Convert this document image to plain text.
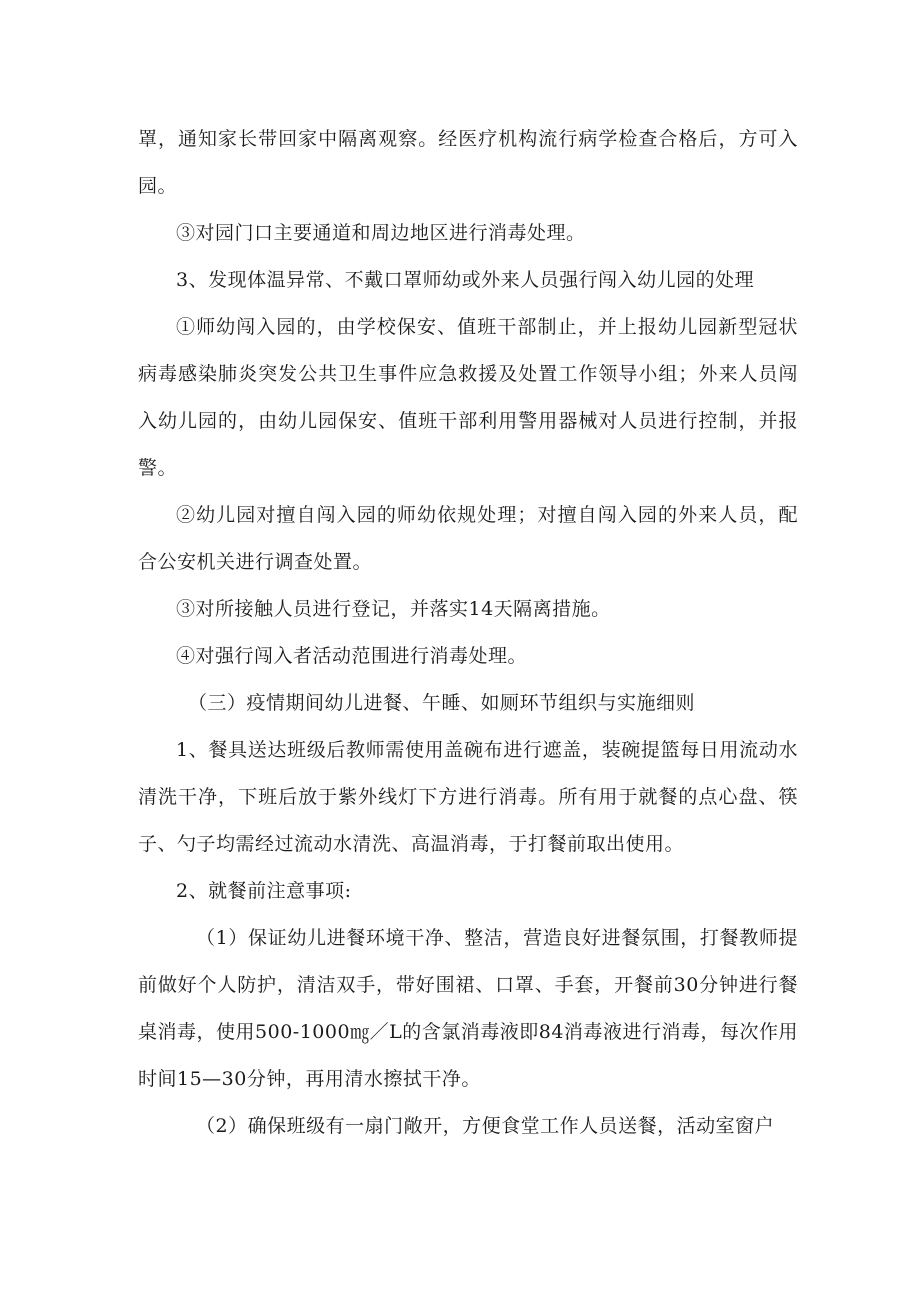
罩，通知家长带回家中隔离观察。经医疗机构流行病学检查合格后，方可入园。

③对园门口主要通道和周边地区进行消毒处理。

3、发现体温异常、不戴口罩师幼或外来人员强行闯入幼儿园的处理

①师幼闯入园的，由学校保安、值班干部制止，并上报幼儿园新型冠状病毒感染肺炎突发公共卫生事件应急救援及处置工作领导小组；外来人员闯入幼儿园的，由幼儿园保安、值班干部利用警用器械对人员进行控制，并报警。

②幼儿园对擅自闯入园的师幼依规处理；对擅自闯入园的外来人员，配合公安机关进行调查处置。

③对所接触人员进行登记，并落实14天隔离措施。

④对强行闯入者活动范围进行消毒处理。

（三）疫情期间幼儿进餐、午睡、如厕环节组织与实施细则

1、餐具送达班级后教师需使用盖碗布进行遮盖，装碗提篮每日用流动水清洗干净，下班后放于紫外线灯下方进行消毒。所有用于就餐的点心盘、筷子、勺子均需经过流动水清洗、高温消毒，于打餐前取出使用。

2、就餐前注意事项:

（1）保证幼儿进餐环境干净、整洁，营造良好进餐氛围，打餐教师提前做好个人防护，清洁双手，带好围裙、口罩、手套，开餐前30分钟进行餐桌消毒，使用500-1000㎎／L的含氯消毒液即84消毒液进行消毒，每次作用时间15—30分钟，再用清水擦拭干净。

（2）确保班级有一扇门敞开，方便食堂工作人员送餐，活动室窗户
